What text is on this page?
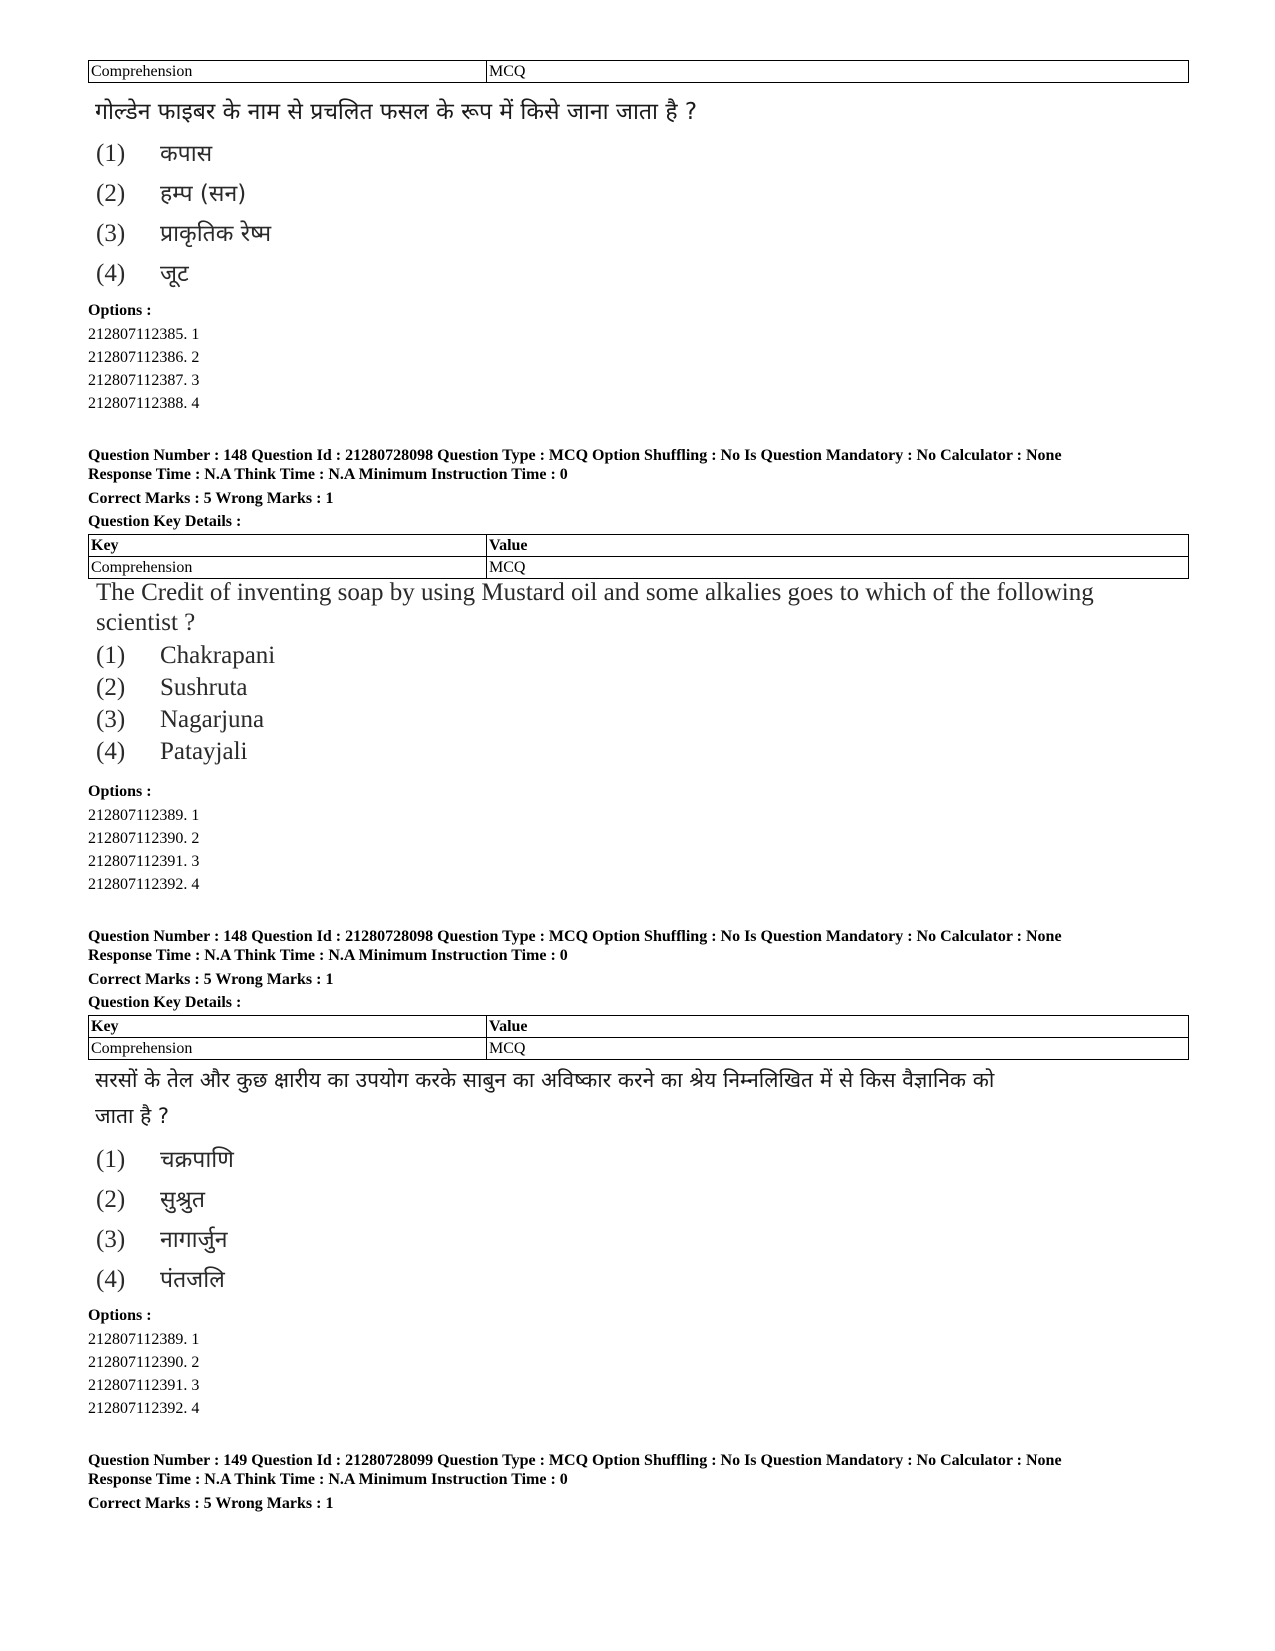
Comprehension	MCQ
गोल्डेन फाइबर के नाम से प्रचलित फसल के रूप में किसे जाना जाता है ?
(1) कपास
(2) हम्प (सन)
(3) प्राकृतिक रेष्म
(4) जूट
Options :
212807112385. 1
212807112386. 2
212807112387. 3
212807112388. 4
Question Number : 148 Question Id : 21280728098 Question Type : MCQ Option Shuffling : No Is Question Mandatory : No Calculator : None
Response Time : N.A Think Time : N.A Minimum Instruction Time : 0
Correct Marks : 5 Wrong Marks : 1
Question Key Details :
Key	Value
Comprehension	MCQ
The Credit of inventing soap by using Mustard oil and some alkalies goes to which of the following
scientist ?
(1) Chakrapani
(2) Sushruta
(3) Nagarjuna
(4) Patayjali
Options :
212807112389. 1
212807112390. 2
212807112391. 3
212807112392. 4
Question Number : 148 Question Id : 21280728098 Question Type : MCQ Option Shuffling : No Is Question Mandatory : No Calculator : None
Response Time : N.A Think Time : N.A Minimum Instruction Time : 0
Correct Marks : 5 Wrong Marks : 1
Question Key Details :
Key	Value
Comprehension	MCQ
सरसों के तेल और कुछ क्षारीय का उपयोग करके साबुन का अविष्कार करने का श्रेय निम्नलिखित में से किस वैज्ञानिक को
जाता है ?
(1) चक्रपाणि
(2) सुश्रुत
(3) नागार्जुन
(4) पंतजलि
Options :
212807112389. 1
212807112390. 2
212807112391. 3
212807112392. 4
Question Number : 149 Question Id : 21280728099 Question Type : MCQ Option Shuffling : No Is Question Mandatory : No Calculator : None
Response Time : N.A Think Time : N.A Minimum Instruction Time : 0
Correct Marks : 5 Wrong Marks : 1
